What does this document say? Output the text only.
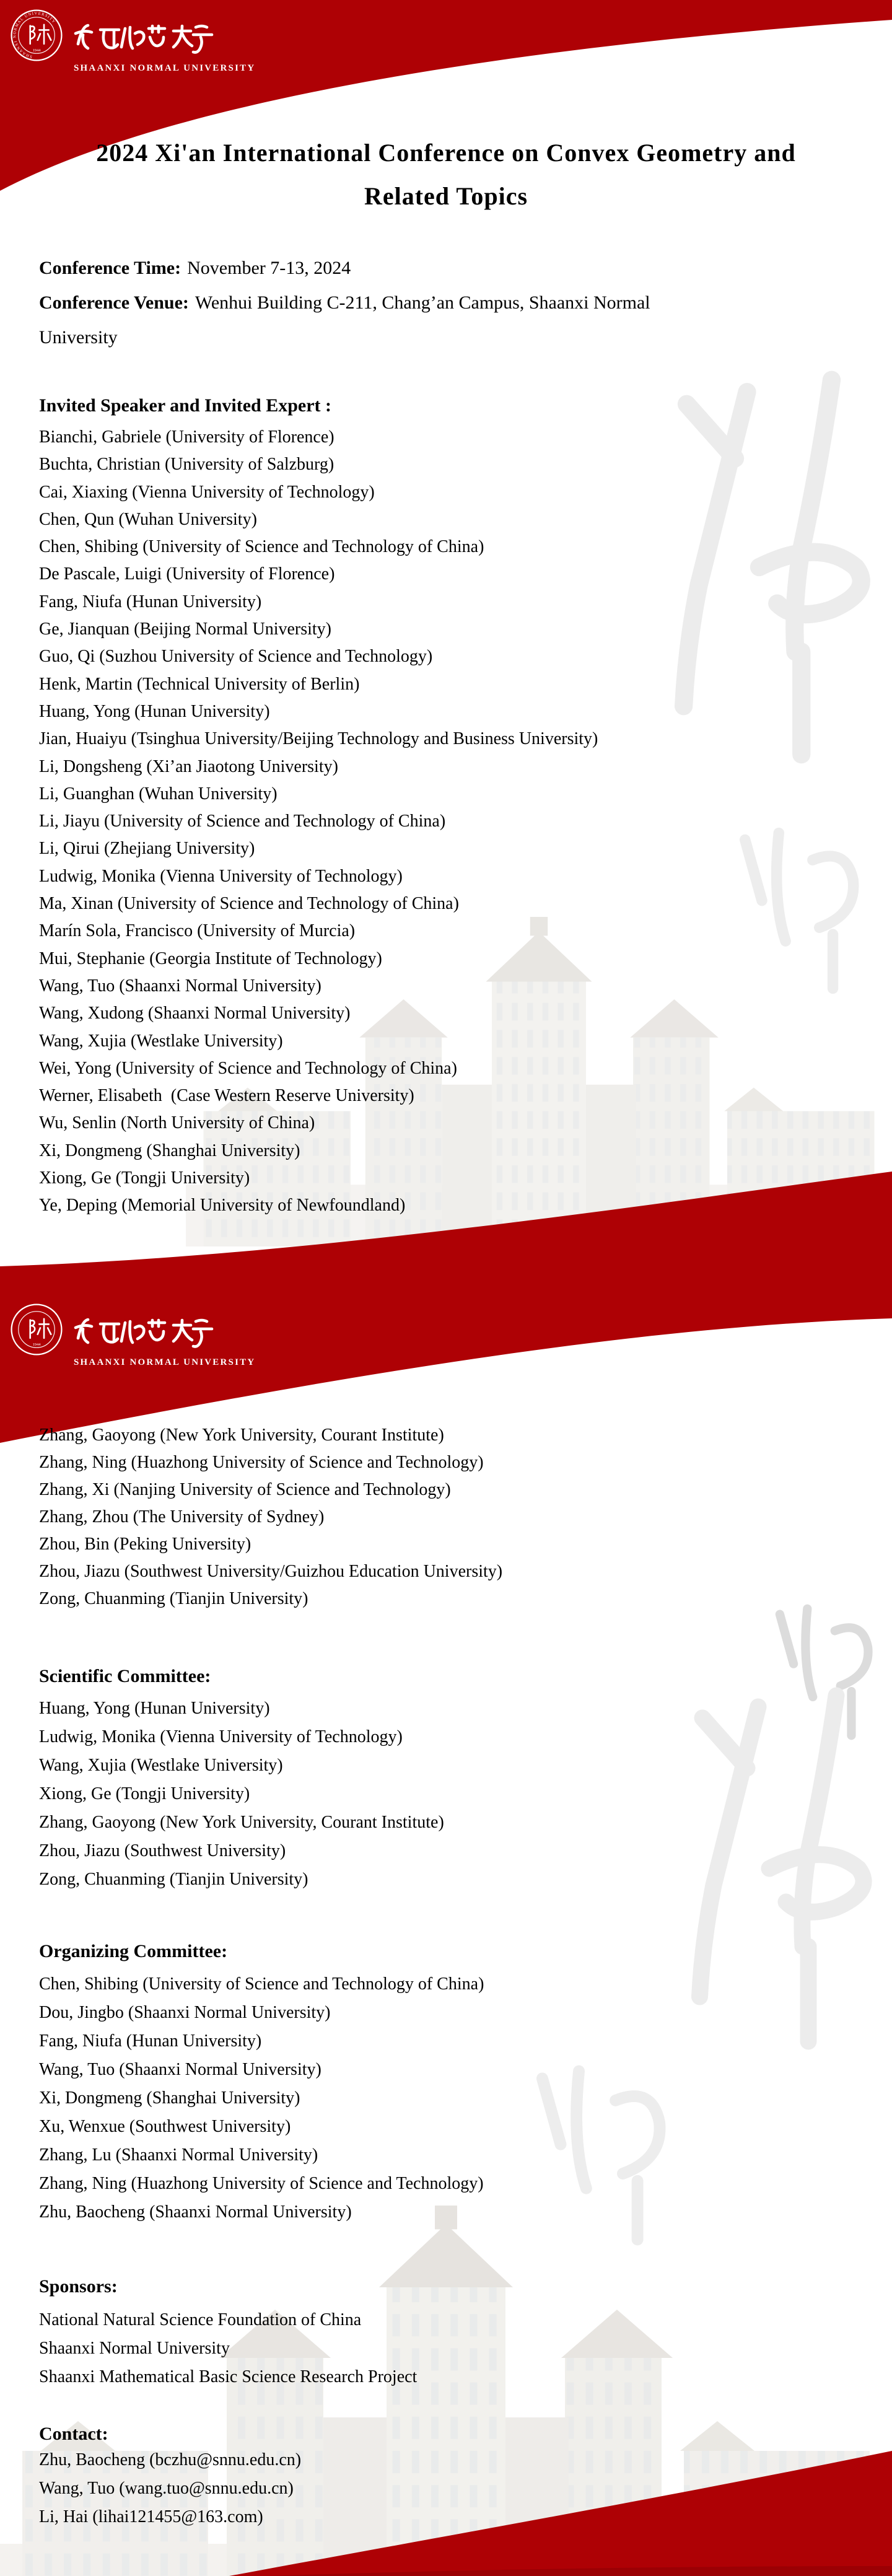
SHAANXI NORMAL UNIVERSITY
1944
SHAANXI NORMAL UNIVERSITY
2024 Xi'an International Conference on Convex Geometry and
Related Topics
Conference Time: November 7-13, 2024
Conference Venue: Wenhui Building C-211, Chang’an Campus, Shaanxi Normal
University
Invited Speaker and Invited Expert :
Bianchi, Gabriele (University of Florence)
Buchta, Christian (University of Salzburg)
Cai, Xiaxing (Vienna University of Technology)
Chen, Qun (Wuhan University)
Chen, Shibing (University of Science and Technology of China)
De Pascale, Luigi (University of Florence)
Fang, Niufa (Hunan University)
Ge, Jianquan (Beijing Normal University)
Guo, Qi (Suzhou University of Science and Technology)
Henk, Martin (Technical University of Berlin)
Huang, Yong (Hunan University)
Jian, Huaiyu (Tsinghua University/Beijing Technology and Business University)
Li, Dongsheng (Xi’an Jiaotong University)
Li, Guanghan (Wuhan University)
Li, Jiayu (University of Science and Technology of China)
Li, Qirui (Zhejiang University)
Ludwig, Monika (Vienna University of Technology)
Ma, Xinan (University of Science and Technology of China)
Marín Sola, Francisco (University of Murcia)
Mui, Stephanie (Georgia Institute of Technology)
Wang, Tuo (Shaanxi Normal University)
Wang, Xudong (Shaanxi Normal University)
Wang, Xujia (Westlake University)
Wei, Yong (University of Science and Technology of China)
Werner, Elisabeth  (Case Western Reserve University)
Wu, Senlin (North University of China)
Xi, Dongmeng (Shanghai University)
Xiong, Ge (Tongji University)
Ye, Deping (Memorial University of Newfoundland)
1944
SHAANXI NORMAL UNIVERSITY
Zhang, Gaoyong (New York University, Courant Institute)
Zhang, Ning (Huazhong University of Science and Technology)
Zhang, Xi (Nanjing University of Science and Technology)
Zhang, Zhou (The University of Sydney)
Zhou, Bin (Peking University)
Zhou, Jiazu (Southwest University/Guizhou Education University)
Zong, Chuanming (Tianjin University)
Scientific Committee:
Huang, Yong (Hunan University)
Ludwig, Monika (Vienna University of Technology)
Wang, Xujia (Westlake University)
Xiong, Ge (Tongji University)
Zhang, Gaoyong (New York University, Courant Institute)
Zhou, Jiazu (Southwest University)
Zong, Chuanming (Tianjin University)
Organizing Committee:
Chen, Shibing (University of Science and Technology of China)
Dou, Jingbo (Shaanxi Normal University)
Fang, Niufa (Hunan University)
Wang, Tuo (Shaanxi Normal University)
Xi, Dongmeng (Shanghai University)
Xu, Wenxue (Southwest University)
Zhang, Lu (Shaanxi Normal University)
Zhang, Ning (Huazhong University of Science and Technology)
Zhu, Baocheng (Shaanxi Normal University)
Sponsors:
National Natural Science Foundation of China
Shaanxi Normal University
Shaanxi Mathematical Basic Science Research Project
Contact:
Zhu, Baocheng (bczhu@snnu.edu.cn)
Wang, Tuo (wang.tuo@snnu.edu.cn)
Li, Hai (lihai121455@163.com)
